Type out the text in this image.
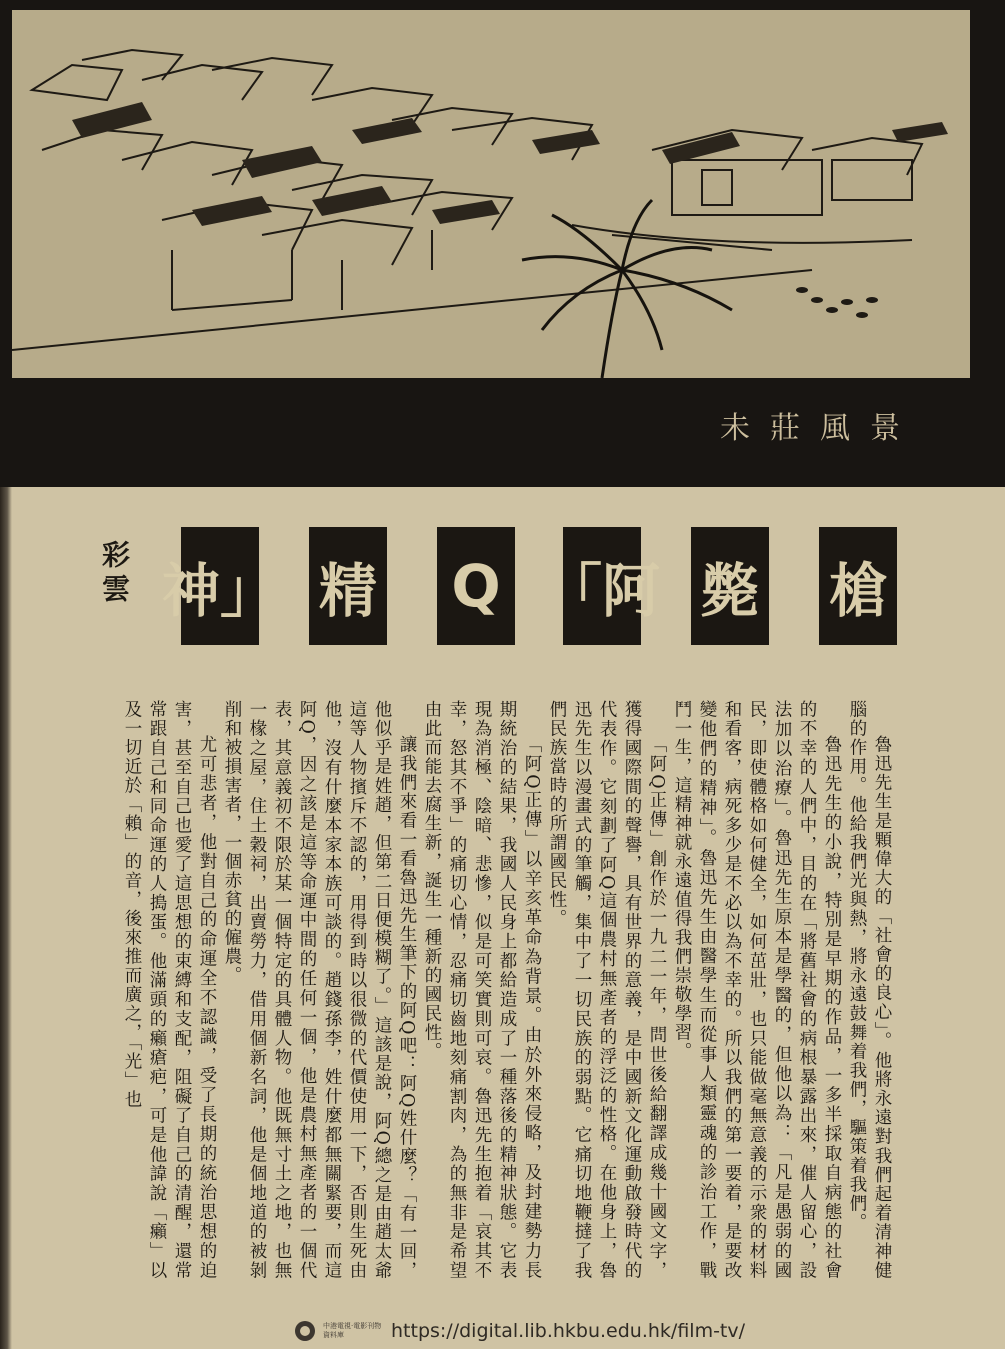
未莊風景
槍
斃
「阿
Q
精
神」
彩雲

魯迅先生是顆偉大的「社會的良心」。他將永遠對我們起着清神健腦的作用。他給我們光與熱，將永遠鼓舞着我們，驅策着我們。

魯迅先生的小說，特別是早期的作品，一多半採取自病態的社會的不幸的人們中，目的在「將舊社會的病根暴露出來，催人留心，設法加以治療」。魯迅先生原本是學醫的，但他以為：「凡是愚弱的國民，即使體格如何健全，如何茁壯，也只能做毫無意義的示衆的材料和看客，病死多少是不必以為不幸的。所以我們的第一要着，是要改變他們的精神」。魯迅先生由醫學生而從事人類靈魂的診治工作，戰鬥一生，這精神就永遠值得我們崇敬學習。

「阿Q正傳」創作於一九二一年，問世後給翻譯成幾十國文字，獲得國際間的聲譽，具有世界的意義，是中國新文化運動啟發時代的代表作。它刻劃了阿Q這個農村無產者的浮泛的性格。在他身上，魯迅先生以漫畫式的筆觸，集中了一切民族的弱點。它痛切地鞭撻了我們民族當時的所謂國民性。

「阿Q正傳」以辛亥革命為背景。由於外來侵略，及封建勢力長期統治的結果，我國人民身上都給造成了一種落後的精神狀態。它表現為消極、陰暗、悲慘，似是可笑實則可哀。魯迅先生抱着「哀其不幸，怒其不爭」的痛切心情，忍痛切齒地刻痛割肉，為的無非是希望由此而能去腐生新，誕生一種新的國民性。

讓我們來看一看魯迅先生筆下的阿Q吧：阿Q姓什麼？「有一回，他似乎是姓趙，但第二日便模糊了。」這該是說，阿Q總之是由趙太爺這等人物擯斥不認的，用得到時以很微的代價使用一下，否則生死由他，沒有什麼本家本族可談的。趙錢孫李，姓什麼都無關緊要，而這阿Q，因之該是這等命運中間的任何一個，他是農村無產者的一個代表，其意義初不限於某一個特定的具體人物。他既無寸土之地，也無一椽之屋，住土穀祠，出賣勞力，借用個新名詞，他是個地道的被剝削和被損害者，一個赤貧的僱農。

尤可悲者，他對自己的命運全不認識，受了長期的統治思想的迫害，甚至自己也愛了這思想的束縛和支配，阻礙了自己的清醒，還常常跟自己和同命運的人搗蛋。他滿頭的癩瘡疤，可是他諱說「癩」以及一切近於「賴」的音，後來推而廣之，「光」也

中港電視·電影刊物資料庫	https://digital.lib.hkbu.edu.hk/film-tv/
